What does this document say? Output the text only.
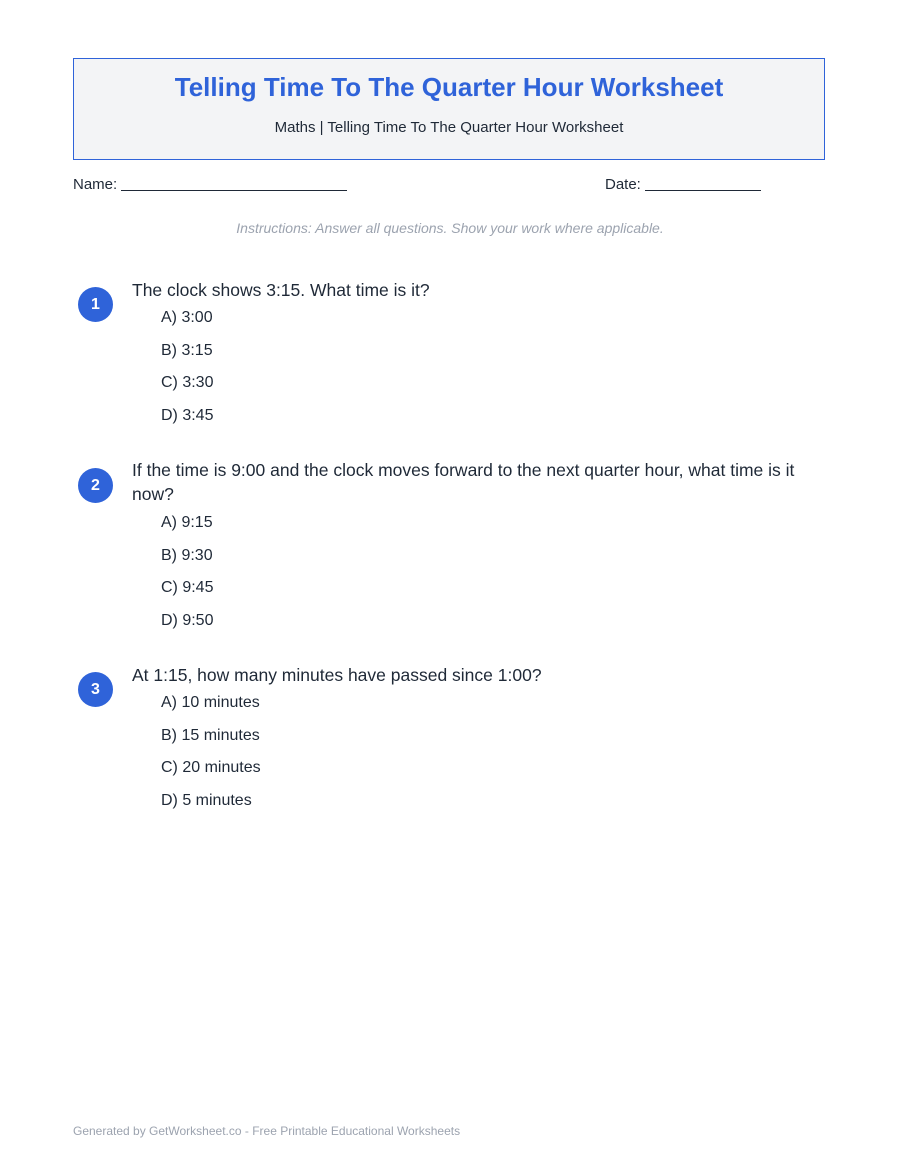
Telling Time To The Quarter Hour Worksheet
Maths | Telling Time To The Quarter Hour Worksheet
Name:	Date:
Instructions: Answer all questions. Show your work where applicable.
1
The clock shows 3:15. What time is it?
A) 3:00
B) 3:15
C) 3:30
D) 3:45
2
If the time is 9:00 and the clock moves forward to the next quarter hour, what time is it now?
A) 9:15
B) 9:30
C) 9:45
D) 9:50
3
At 1:15, how many minutes have passed since 1:00?
A) 10 minutes
B) 15 minutes
C) 20 minutes
D) 5 minutes
Generated by GetWorksheet.co - Free Printable Educational Worksheets
